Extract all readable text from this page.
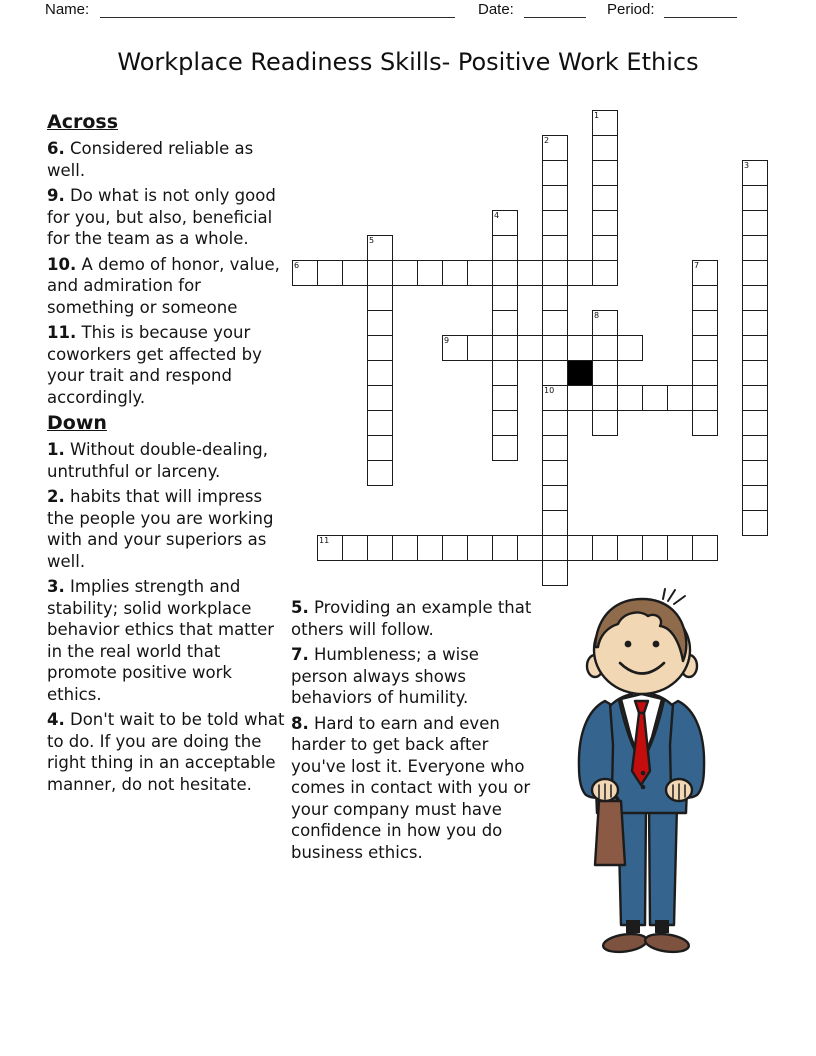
Name:	Date:	Period:
Workplace Readiness Skills- Positive Work Ethics
Across

6. Considered reliable as well.

9. Do what is not only good for you, but also, beneficial for the team as a whole.

10. A demo of honor, value, and admiration for something or someone

11. This is because your coworkers get affected by your trait and respond accordingly.

Down

1. Without double-dealing, untruthful or larceny.

2. habits that will impress the people you are working with and your superiors as well.

3. Implies strength and stability; solid workplace behavior ethics that matter in the real world that promote positive work ethics.

4. Don't wait to be told what to do. If you are doing the right thing in an acceptable manner, do not hesitate.

5. Providing an example that others will follow.

7. Humbleness; a wise person always shows behaviors of humility.

8. Hard to earn and even harder to get back after you've lost it. Everyone who comes in contact with you or your company must have confidence in how you do business ethics.

1
2
10
3
4
5
6	7
8
9
11
